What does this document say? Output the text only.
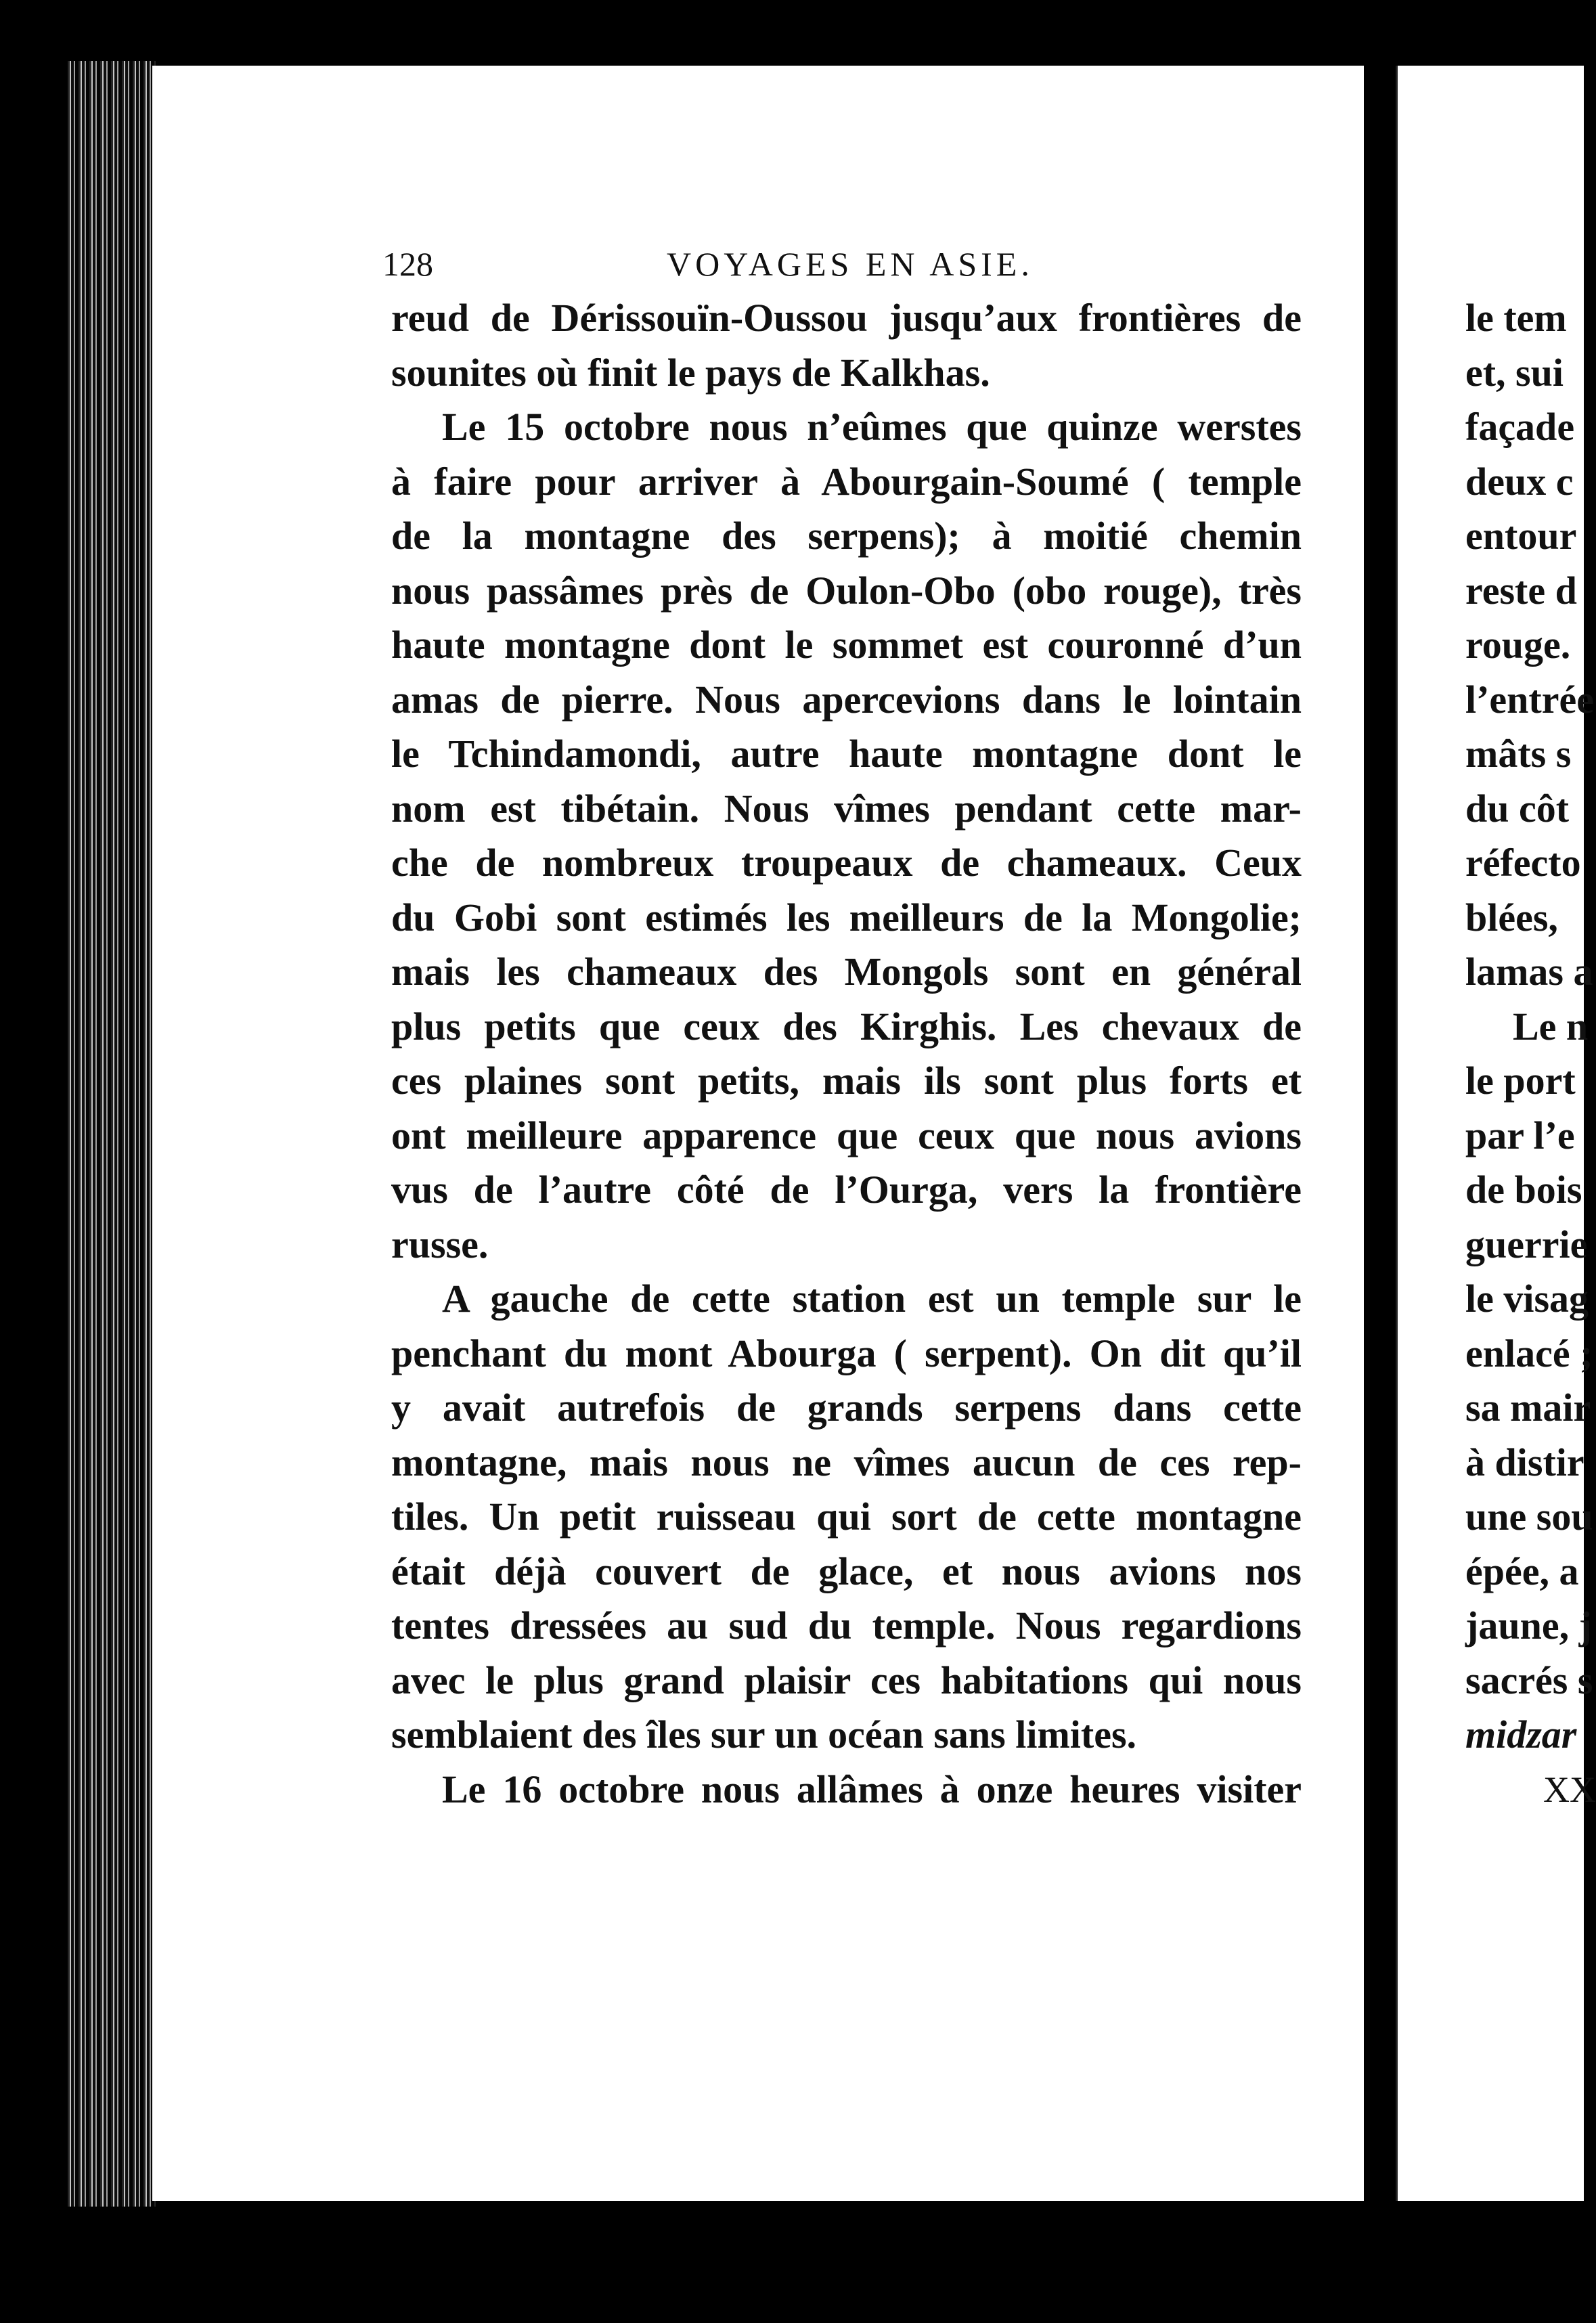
128	VOYAGES EN ASIE.
reud de Dérissouïn-Oussou jusqu’aux frontières de
sounites où finit le pays de Kalkhas.
Le 15 octobre nous n’eûmes que quinze werstes
à faire pour arriver à Abourgain-Soumé ( temple
de la montagne des serpens); à moitié chemin
nous passâmes près de Oulon-Obo (obo rouge), très
haute montagne dont le sommet est couronné d’un
amas de pierre. Nous apercevions dans le lointain
le Tchindamondi, autre haute montagne dont le
nom est tibétain. Nous vîmes pendant cette mar-
che de nombreux troupeaux de chameaux. Ceux
du Gobi sont estimés les meilleurs de la Mongolie;
mais les chameaux des Mongols sont en général
plus petits que ceux des Kirghis. Les chevaux de
ces plaines sont petits, mais ils sont plus forts et
ont meilleure apparence que ceux que nous avions
vus de l’autre côté de l’Ourga, vers la frontière
russe.
A gauche de cette station est un temple sur le
penchant du mont Abourga ( serpent). On dit qu’il
y avait autrefois de grands serpens dans cette
montagne, mais nous ne vîmes aucun de ces rep-
tiles. Un petit ruisseau qui sort de cette montagne
était déjà couvert de glace, et nous avions nos
tentes dressées au sud du temple. Nous regardions
avec le plus grand plaisir ces habitations qui nous
semblaient des îles sur un océan sans limites.
Le 16 octobre nous allâmes à onze heures visiter
le tem
et, sui
façade
deux c
entour
reste d
rouge.
l’entrée
mâts s
du côt
réfecto
blées,
lamas a
Le n
le port
par l’e
de bois
guerrie
le visag
enlacé ;
sa mair
à distir
une sou
épée, a
jaune, j
sacrés s
midzar
XX
